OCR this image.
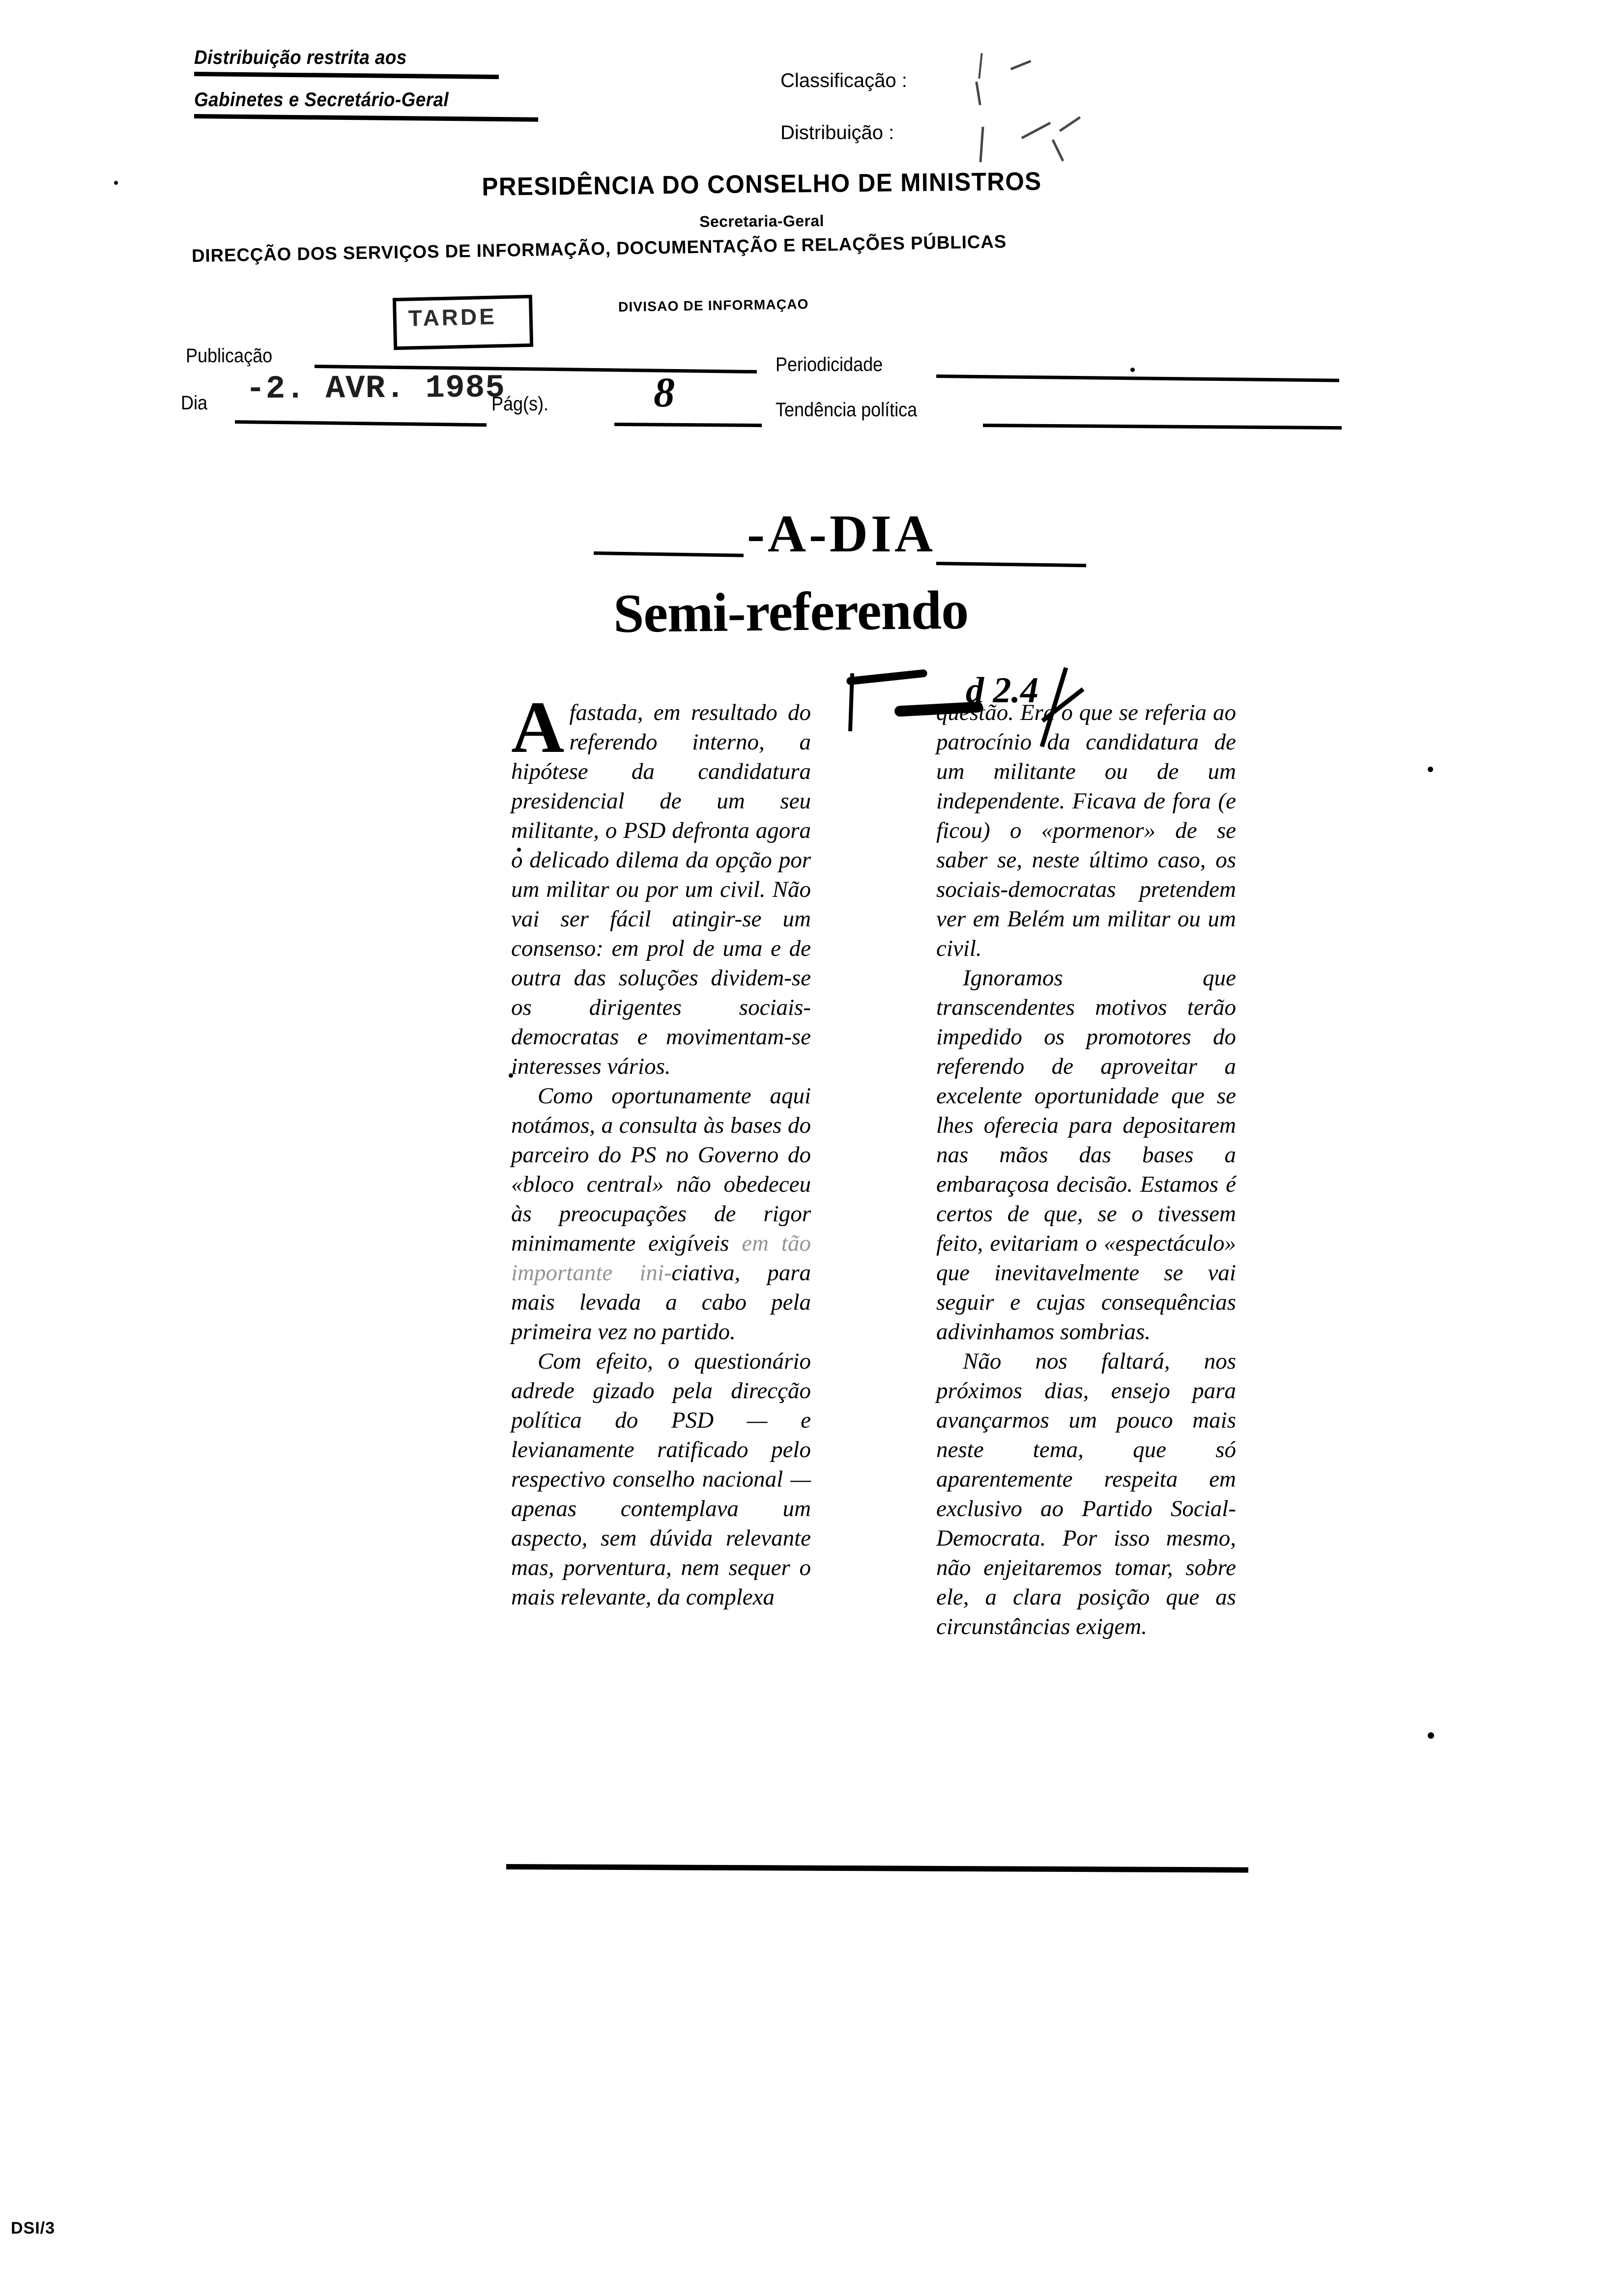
Distribuição restrita aos
Gabinetes e Secretário-Geral
Classificação :
Distribuição :
PRESIDÊNCIA DO CONSELHO DE MINISTROS
Secretaria-Geral
DIRECÇÃO DOS SERVIÇOS DE INFORMAÇÃO, DOCUMENTAÇÃO E RELAÇÕES PÚBLICAS
DIVISAO DE INFORMAÇAO
TARDE
Publicação	Periodicidade
-2. AVR. 1985
Dia	Pág(s). 8	Tendência política
-A-DIA
Semi-referendo
d 2.4

Afastada, em resultado do referendo interno, a hipótese da candidatura presidencial de um seu militante, o PSD defronta agora o delicado dilema da opção por um militar ou por um civil. Não vai ser fácil atingir-se um consenso: em prol de uma e de outra das soluções dividem-se os dirigentes sociais-democratas e movimentam-se interesses vários.

Como oportunamente aqui notámos, a consulta às bases do parceiro do PS no Governo do «bloco central» não obedeceu às preocupações de rigor minimamente exigíveis em tão importante ini-ciativa, para mais levada a cabo pela primeira vez no partido.

Com efeito, o questionário adrede gizado pela direcção política do PSD — e levianamente ratificado pelo respectivo conselho nacional — apenas contemplava um aspecto, sem dúvida relevante mas, porventura, nem sequer o mais relevante, da complexa

questão. Era o que se referia ao patrocínio da candidatura de um militante ou de um independente. Ficava de fora (e ficou) o «pormenor» de se saber se, neste último caso, os sociais-democratas pretendem ver em Belém um militar ou um civil.

Ignoramos que transcendentes motivos terão impedido os promotores do referendo de aproveitar a excelente oportunidade que se lhes oferecia para depositarem nas mãos das bases a embaraçosa decisão. Estamos é certos de que, se o tivessem feito, evitariam o «espectáculo» que inevitavelmente se vai seguir e cujas consequências adivinhamos sombrias.

Não nos faltará, nos próximos dias, ensejo para avançarmos um pouco mais neste tema, que só aparentemente respeita em exclusivo ao Partido Social-Democrata. Por isso mesmo, não enjeitaremos tomar, sobre ele, a clara posição que as circunstâncias exigem.

DSI/3
